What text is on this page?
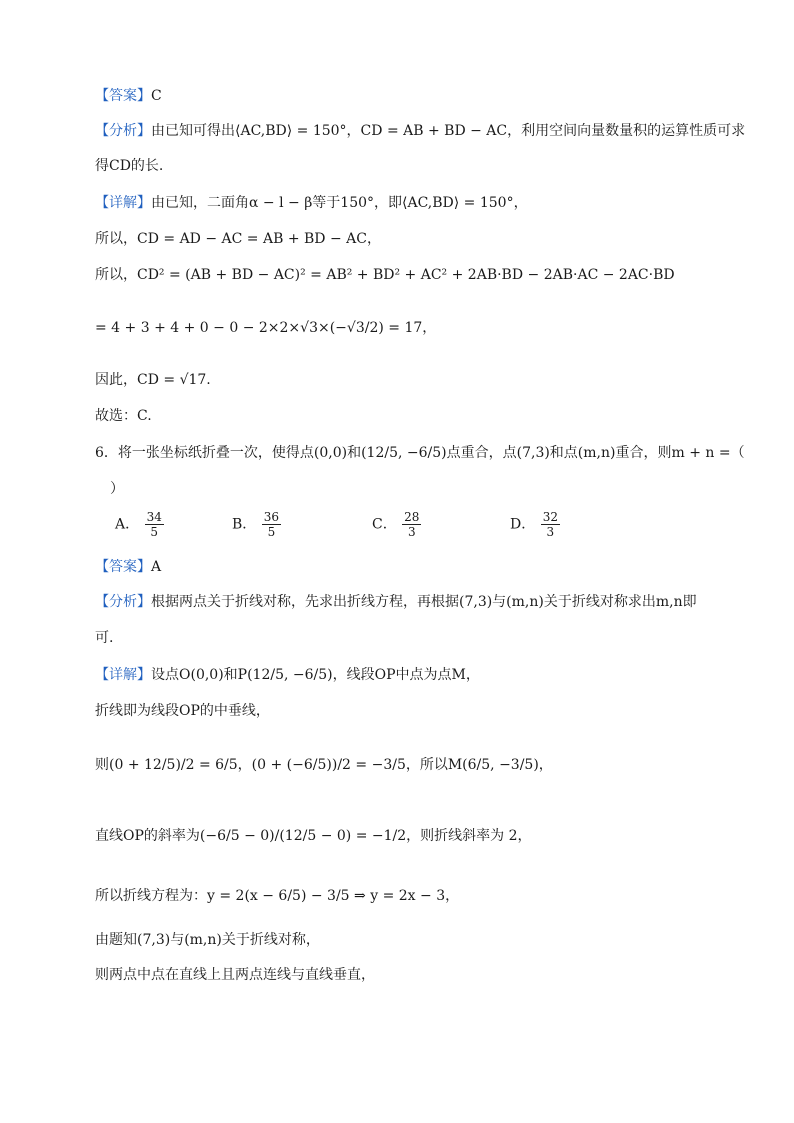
【答案】C
【分析】由已知可得出⟨AC,BD⟩ = 150°，CD = AB + BD − AC，利用空间向量数量积的运算性质可求
得CD的长.
【详解】由已知，二面角α − l − β等于150°，即⟨AC,BD⟩ = 150°，
所以，CD = AD − AC = AB + BD − AC，
所以，CD² = (AB + BD − AC)² = AB² + BD² + AC² + 2AB·BD − 2AB·AC − 2AC·BD
= 4 + 3 + 4 + 0 − 0 − 2×2×√3×(−√3/2) = 17，
因此，CD = √17.
故选：C.
6．将一张坐标纸折叠一次，使得点(0,0)和(12/5, −6/5)点重合，点(7,3)和点(m,n)重合，则m + n =（
）
A． $\frac{34}{5}$	B． $\frac{36}{5}$	C． $\frac{28}{3}$	D． $\frac{32}{3}$
【答案】A
【分析】根据两点关于折线对称，先求出折线方程，再根据(7,3)与(m,n)关于折线对称求出m,n即
可.
【详解】设点O(0,0)和P(12/5, −6/5)，线段OP中点为点M，
折线即为线段OP的中垂线，
则(0 + 12/5)/2 = 6/5，(0 + (−6/5))/2 = −3/5，所以M(6/5, −3/5)，
直线OP的斜率为(−6/5 − 0)/(12/5 − 0) = −1/2，则折线斜率为 2，
所以折线方程为：y = 2(x − 6/5) − 3/5 ⇒ y = 2x − 3，
由题知(7,3)与(m,n)关于折线对称，
则两点中点在直线上且两点连线与直线垂直，
